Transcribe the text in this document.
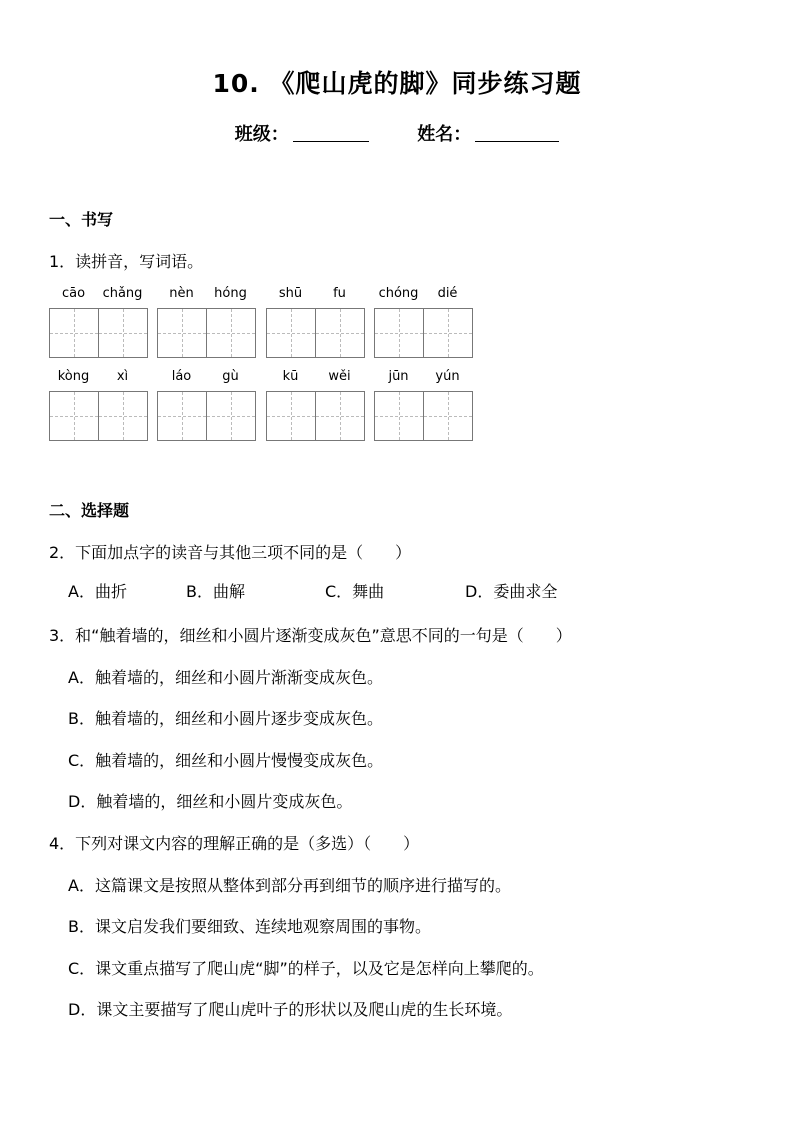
10. 《爬山虎的脚》同步练习题
班级：	姓名：
一、书写
1．读拼音，写词语。
cāo	chǎng	nèn	hóng	shū	fu	chóng	dié
kòng	xì	láo	gù	kū	wěi	jūn	yún
二、选择题
2．下面加点字的读音与其他三项不同的是（　　）
A．曲折	B．曲解	C．舞曲	D．委曲求全
3．和“触着墙的，细丝和小圆片逐渐变成灰色”意思不同的一句是（　　）
A．触着墙的，细丝和小圆片渐渐变成灰色。
B．触着墙的，细丝和小圆片逐步变成灰色。
C．触着墙的，细丝和小圆片慢慢变成灰色。
D．触着墙的，细丝和小圆片变成灰色。
4．下列对课文内容的理解正确的是（多选）（　　）
A．这篇课文是按照从整体到部分再到细节的顺序进行描写的。
B．课文启发我们要细致、连续地观察周围的事物。
C．课文重点描写了爬山虎“脚”的样子，以及它是怎样向上攀爬的。
D．课文主要描写了爬山虎叶子的形状以及爬山虎的生长环境。
